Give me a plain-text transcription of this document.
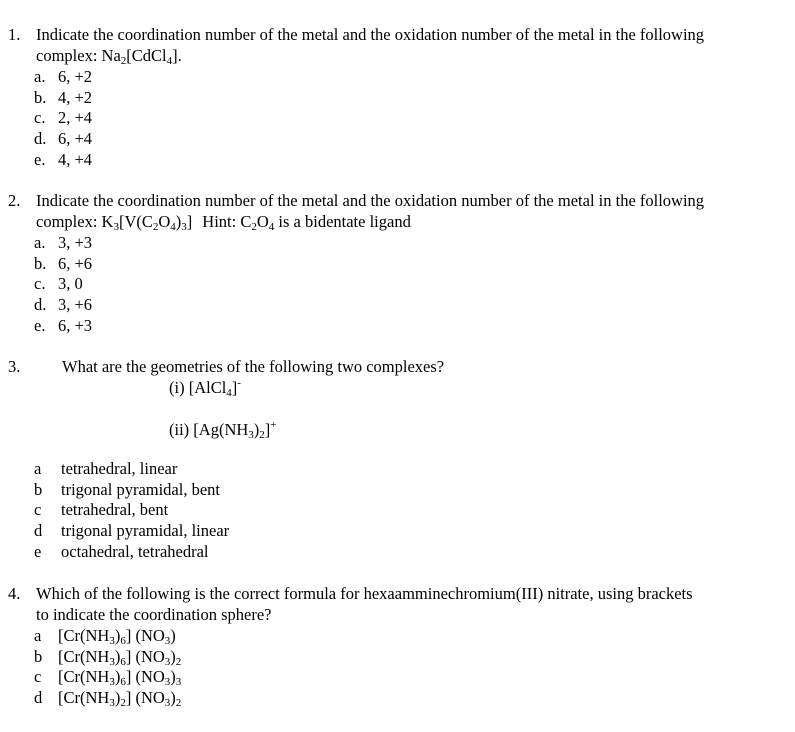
1. Indicate the coordination number of the metal and the oxidation number of the metal in the following
complex: $Na_2[CdCl_4]$.
a. 6, +2
b. 4, +2
c. 2, +4
d. 6, +4
e. 4, +4
2. Indicate the coordination number of the metal and the oxidation number of the metal in the following
complex: $K_3[V(C_2O_4)_3]$ Hint: $C_2O_4$ is a bidentate ligand
a. 3, +3
b. 6, +6
c. 3, 0
d. 3, +6
e. 6, +3
3.	What are the geometries of the following two complexes?
(i) [AlCl$_4$]-
(ii) $[Ag(NH_3)_2]^+$
a	tetrahedral, linear
b	trigonal pyramidal, bent
c	tetrahedral, bent
d	trigonal pyramidal, linear
e	octahedral, tetrahedral
4. Which of the following is the correct formula for hexaamminechromium(III) nitrate, using brackets
to indicate the coordination sphere?
a	$[Cr(NH_3)_6]$ $(NO_3)$
b $[Cr(NH_3)_6]$ $(NO_3)_2$
c	$[Cr(NH_3)_6]$ $(NO_3)_3$
d $[Cr(NH_3)_2]$ $(NO_3)_2$
